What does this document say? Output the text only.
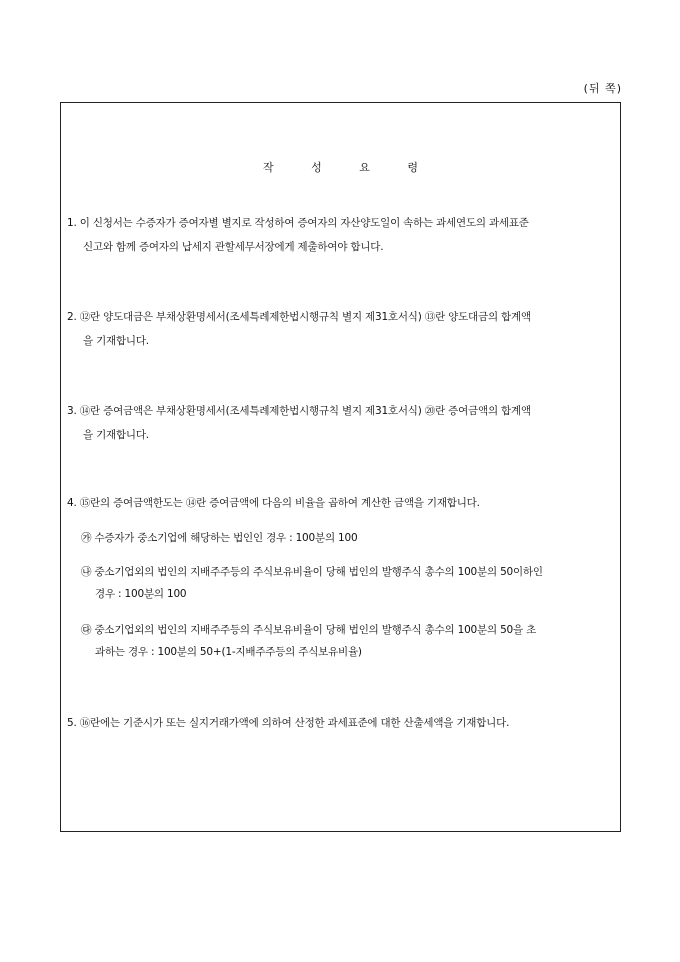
(뒤 쪽)
작	성	요	령
1. 이 신청서는 수증자가 증여자별 별지로 작성하여 증여자의 자산양도일이 속하는 과세연도의 과세표준
신고와 함께 증여자의 납세지 관할세무서장에게 제출하여야 합니다.
2. ⑫란 양도대금은 부채상환명세서(조세특례제한법시행규칙 별지 제31호서식) ⑬란 양도대금의 합계액
을 기재합니다.
3. ⑭란 증여금액은 부채상환명세서(조세특례제한법시행규칙 별지 제31호서식) ⑳란 증여금액의 합계액
을 기재합니다.
4. ⑮란의 증여금액한도는 ⑭란 증여금액에 다음의 비율을 곱하여 계산한 금액을 기재합니다.
㉮ 수증자가 중소기업에 해당하는 법인인 경우 : 100분의 100
㉯ 중소기업외의 법인의 지배주주등의 주식보유비율이 당해 법인의 발행주식 총수의 100분의 50이하인
경우 : 100분의 100
㉰ 중소기업외의 법인의 지배주주등의 주식보유비율이 당해 법인의 발행주식 총수의 100분의 50을 초
과하는 경우 : 100분의 50+(1-지배주주등의 주식보유비율)
5. ⑯란에는 기준시가 또는 실지거래가액에 의하여 산정한 과세표준에 대한 산출세액을 기재합니다.
